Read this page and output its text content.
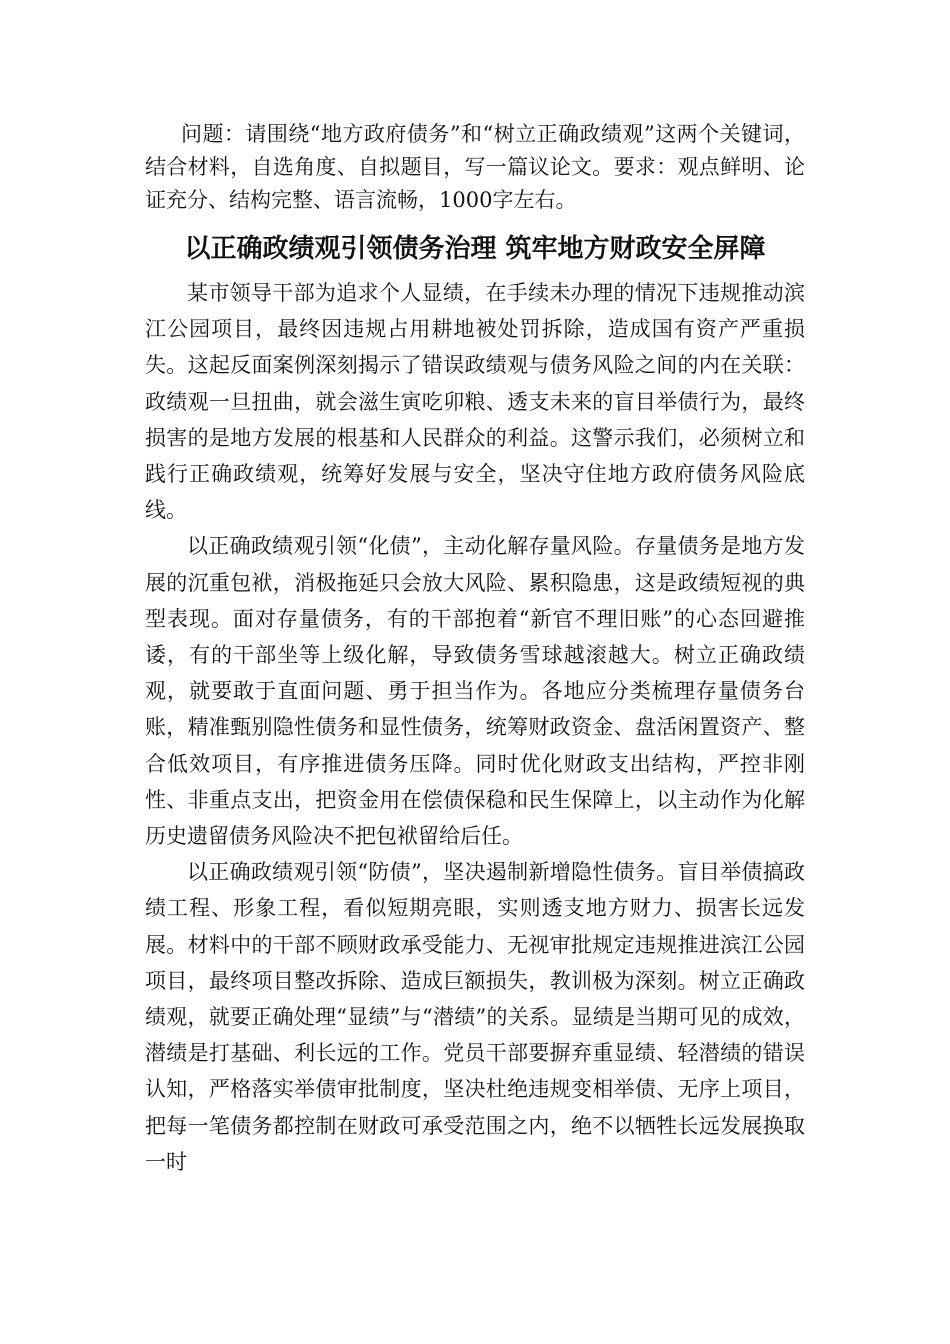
问题：请围绕“地方政府债务”和“树立正确政绩观”这两个关键词，结合材料，自选角度、自拟题目，写一篇议论文。要求：观点鲜明、论证充分、结构完整、语言流畅，1000字左右。

以正确政绩观引领债务治理 筑牢地方财政安全屏障

某市领导干部为追求个人显绩，在手续未办理的情况下违规推动滨江公园项目，最终因违规占用耕地被处罚拆除，造成国有资产严重损失。这起反面案例深刻揭示了错误政绩观与债务风险之间的内在关联：政绩观一旦扭曲，就会滋生寅吃卯粮、透支未来的盲目举债行为，最终损害的是地方发展的根基和人民群众的利益。这警示我们，必须树立和践行正确政绩观，统筹好发展与安全，坚决守住地方政府债务风险底线。

以正确政绩观引领“化债”，主动化解存量风险。存量债务是地方发展的沉重包袱，消极拖延只会放大风险、累积隐患，这是政绩短视的典型表现。面对存量债务，有的干部抱着“新官不理旧账”的心态回避推诿，有的干部坐等上级化解，导致债务雪球越滚越大。树立正确政绩观，就要敢于直面问题、勇于担当作为。各地应分类梳理存量债务台账，精准甄别隐性债务和显性债务，统筹财政资金、盘活闲置资产、整合低效项目，有序推进债务压降。同时优化财政支出结构，严控非刚性、非重点支出，把资金用在偿债保稳和民生保障上，以主动作为化解历史遗留债务风险决不把包袱留给后任。

以正确政绩观引领“防债”，坚决遏制新增隐性债务。盲目举债搞政绩工程、形象工程，看似短期亮眼，实则透支地方财力、损害长远发展。材料中的干部不顾财政承受能力、无视审批规定违规推进滨江公园项目，最终项目整改拆除、造成巨额损失，教训极为深刻。树立正确政绩观，就要正确处理“显绩”与“潜绩”的关系。显绩是当期可见的成效，潜绩是打基础、利长远的工作。党员干部要摒弃重显绩、轻潜绩的错误认知，严格落实举债审批制度，坚决杜绝违规变相举债、无序上项目，把每一笔债务都控制在财政可承受范围之内，绝不以牺牲长远发展换取一时
